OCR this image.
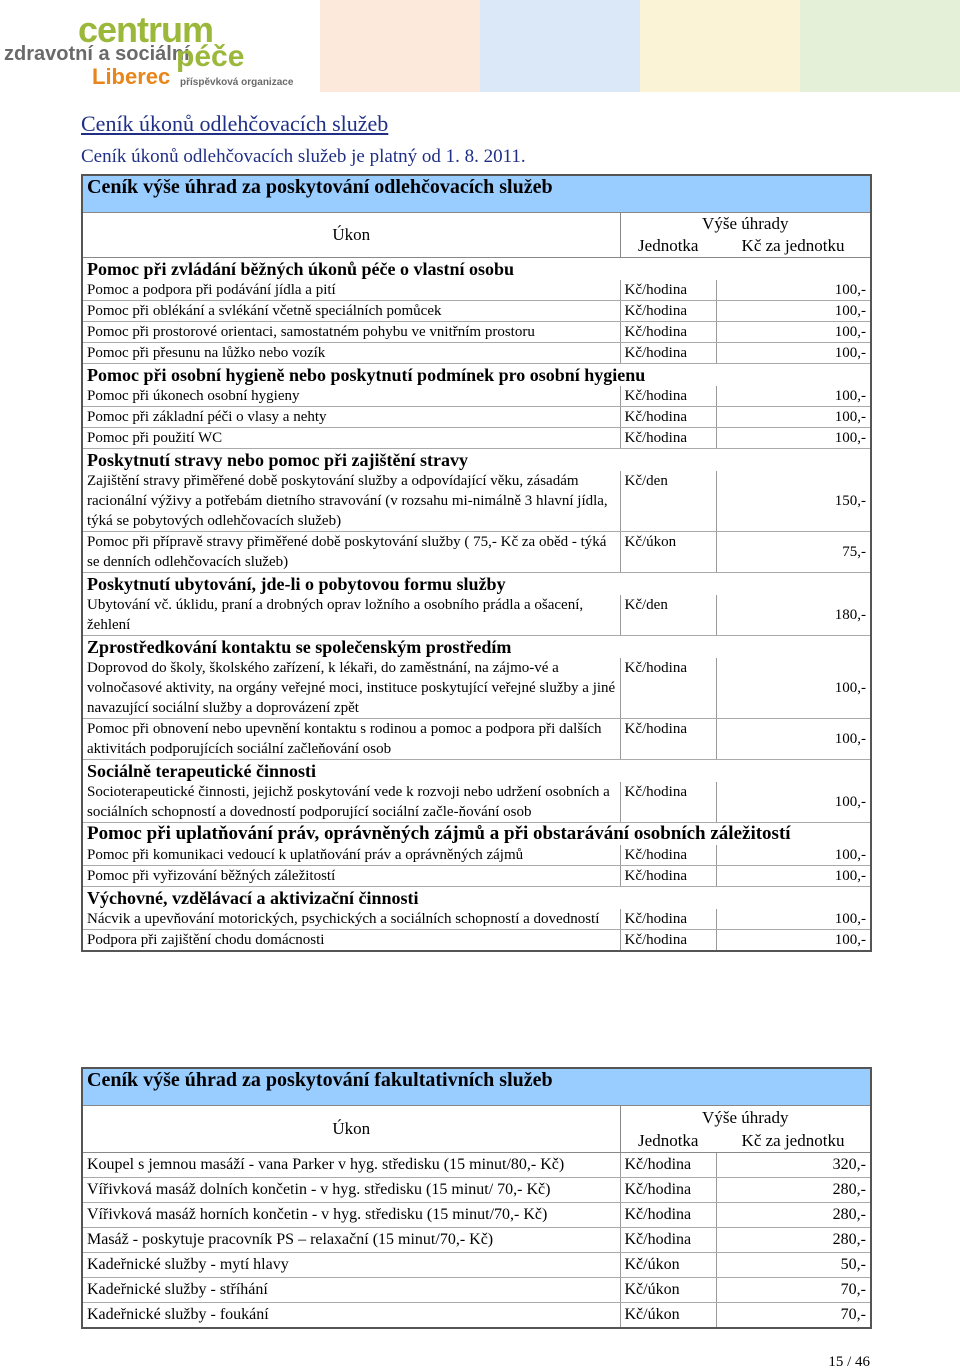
centrum
zdravotní a sociální
péče
Liberec příspěvková organizace
Ceník úkonů odlehčovacích služeb
Ceník úkonů odlehčovacích služeb je platný od 1. 8. 2011.
Ceník výše úhrad za poskytování odlehčovacích služeb		
Úkon	Výše úhrady	
	Jednotka	Kč za jednotku
Pomoc při zvládání běžných úkonů péče o vlastní osobu		
Pomoc a podpora při podávání jídla a pití	Kč/hodina	100,-
Pomoc při oblékání a svlékání včetně speciálních pomůcek	Kč/hodina	100,-
Pomoc při prostorové orientaci, samostatném pohybu ve vnitřním prostoru	Kč/hodina	100,-
Pomoc při přesunu na lůžko nebo vozík	Kč/hodina	100,-
Pomoc při osobní hygieně nebo poskytnutí podmínek pro osobní hygienu		
Pomoc při úkonech osobní hygieny	Kč/hodina	100,-
Pomoc při základní péči o vlasy a nehty	Kč/hodina	100,-
Pomoc při použití WC	Kč/hodina	100,-
Poskytnutí stravy nebo pomoc při zajištění stravy		
Zajištění stravy přiměřené době poskytování služby a odpovídající věku, zásadám racionální výživy a potřebám dietního stravování (v rozsahu mi-nimálně 3 hlavní jídla, týká se pobytových odlehčovacích služeb)	Kč/den	150,-
Pomoc při přípravě stravy přiměřené době poskytování služby ( 75,- Kč za oběd - týká se denních odlehčovacích služeb)	Kč/úkon	75,-
Poskytnutí ubytování, jde-li o pobytovou formu služby		
Ubytování vč. úklidu, praní a drobných oprav ložního a osobního prádla a ošacení, žehlení	Kč/den	180,-
Zprostředkování kontaktu se společenským prostředím		
Doprovod do školy, školského zařízení, k lékaři, do zaměstnání, na zájmo-vé a volnočasové aktivity, na orgány veřejné moci, instituce poskytující veřejné služby a jiné navazující sociální služby a doprovázení zpět	Kč/hodina	100,-
Pomoc při obnovení nebo upevnění kontaktu s rodinou a pomoc a podpora při dalších aktivitách podporujících sociální začleňování osob	Kč/hodina	100,-
Sociálně terapeutické činnosti		
Socioterapeutické činnosti, jejichž poskytování vede k rozvoji nebo udržení osobních a sociálních schopností a dovedností podporující sociální začle-ňování osob	Kč/hodina	100,-
Pomoc při uplatňování práv, oprávněných zájmů a při obstarávání osobních záležitostí		
Pomoc při komunikaci vedoucí k uplatňování práv a oprávněných zájmů	Kč/hodina	100,-
Pomoc při vyřizování běžných záležitostí	Kč/hodina	100,-
Výchovné, vzdělávací a aktivizační činnosti		
Nácvik a upevňování motorických, psychických a sociálních schopností a dovedností	Kč/hodina	100,-
Podpora při zajištění chodu domácnosti	Kč/hodina	100,-
Ceník výše úhrad za poskytování fakultativních služeb		
Úkon	Výše úhrady	
	Jednotka	Kč za jednotku
Koupel s jemnou masáží - vana Parker v hyg. středisku (15 minut/80,- Kč)	Kč/hodina	320,-
Vířivková masáž dolních končetin - v hyg. středisku (15 minut/ 70,- Kč)	Kč/hodina	280,-
Vířivková masáž horních končetin - v hyg. středisku (15 minut/70,- Kč)	Kč/hodina	280,-
Masáž - poskytuje pracovník PS – relaxační (15 minut/70,- Kč)	Kč/hodina	280,-
Kadeřnické služby - mytí hlavy	Kč/úkon	50,-
Kadeřnické služby - stříhání	Kč/úkon	70,-
Kadeřnické služby - foukání	Kč/úkon	70,-
15 / 46
